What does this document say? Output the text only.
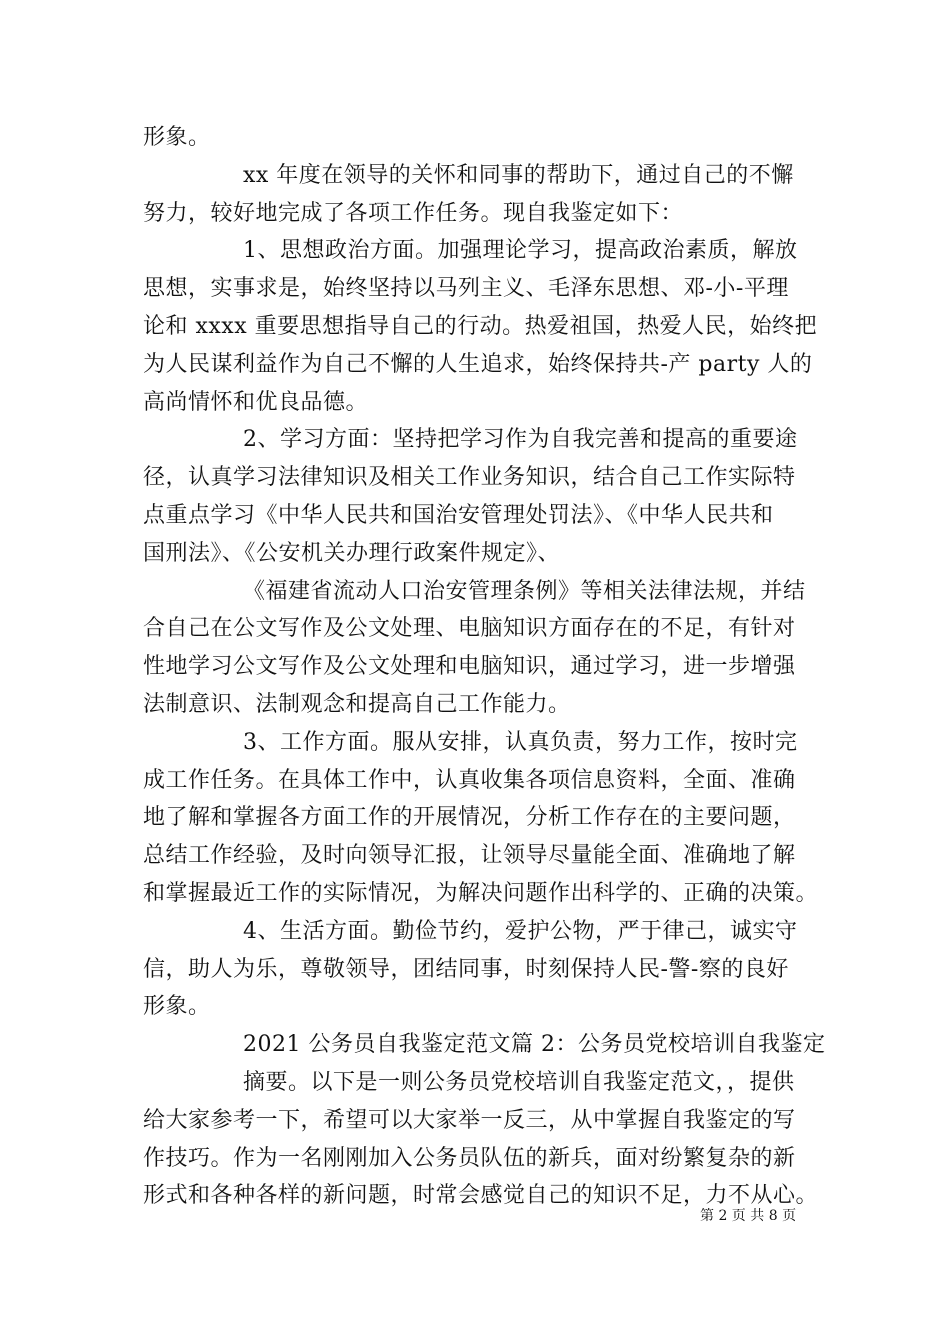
形象。
xx 年度在领导的关怀和同事的帮助下，通过自己的不懈
努力，较好地完成了各项工作任务。现自我鉴定如下：
1、思想政治方面。加强理论学习，提高政治素质，解放
思想，实事求是，始终坚持以马列主义、毛泽东思想、邓-小-平理
论和 xxxx 重要思想指导自己的行动。热爱祖国，热爱人民，始终把
为人民谋利益作为自己不懈的人生追求，始终保持共-产 party 人的
高尚情怀和优良品德。
2、学习方面：坚持把学习作为自我完善和提高的重要途
径，认真学习法律知识及相关工作业务知识，结合自己工作实际特
点重点学习《中华人民共和国治安管理处罚法》、《中华人民共和
国刑法》、《公安机关办理行政案件规定》、
《福建省流动人口治安管理条例》等相关法律法规，并结
合自己在公文写作及公文处理、电脑知识方面存在的不足，有针对
性地学习公文写作及公文处理和电脑知识，通过学习，进一步增强
法制意识、法制观念和提高自己工作能力。
3、工作方面。服从安排，认真负责，努力工作，按时完
成工作任务。在具体工作中，认真收集各项信息资料，全面、准确
地了解和掌握各方面工作的开展情况，分析工作存在的主要问题，
总结工作经验，及时向领导汇报，让领导尽量能全面、准确地了解
和掌握最近工作的实际情况，为解决问题作出科学的、正确的决策。
4、生活方面。勤俭节约，爱护公物，严于律己，诚实守
信，助人为乐，尊敬领导，团结同事，时刻保持人民-警-察的良好
形象。
2021 公务员自我鉴定范文篇 2：公务员党校培训自我鉴定
摘要。以下是一则公务员党校培训自我鉴定范文，，提供
给大家参考一下，希望可以大家举一反三，从中掌握自我鉴定的写
作技巧。作为一名刚刚加入公务员队伍的新兵，面对纷繁复杂的新
形式和各种各样的新问题，时常会感觉自己的知识不足，力不从心。
第 2 页 共 8 页
